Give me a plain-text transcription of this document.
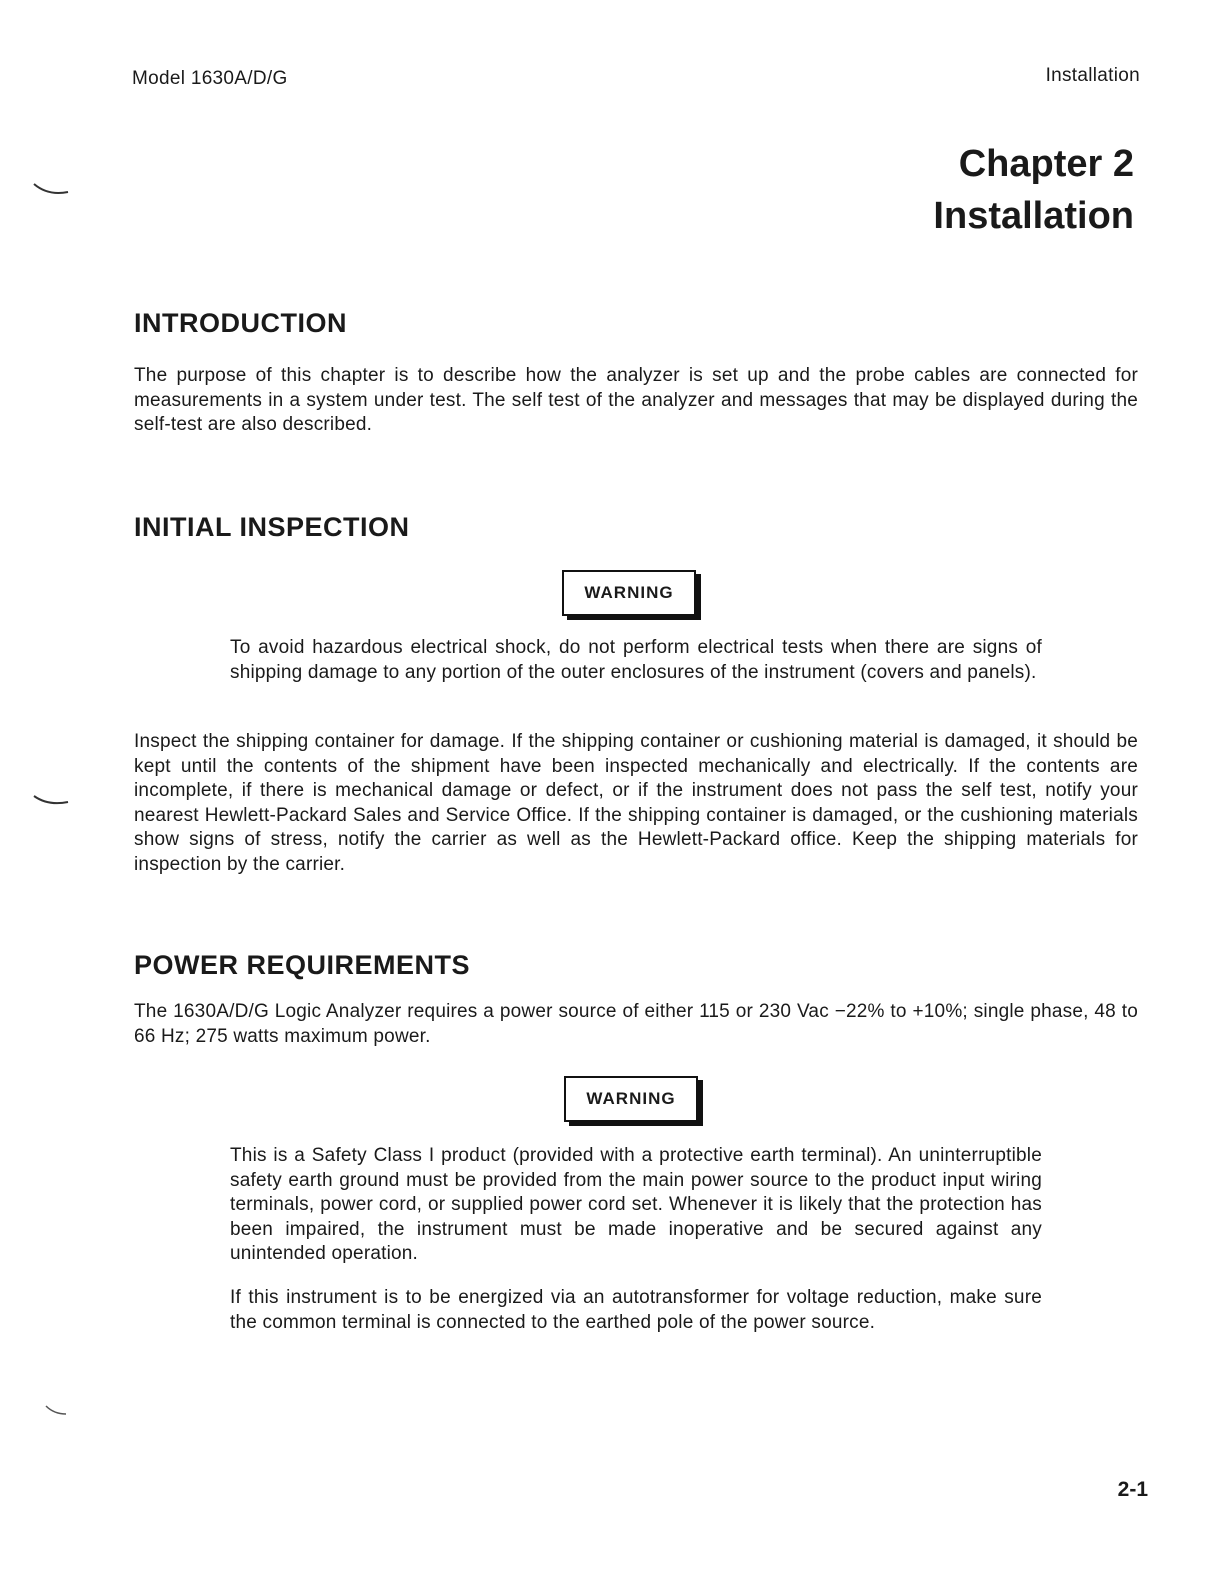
Model 1630A/D/G	Installation
Chapter 2
Installation
INTRODUCTION

The purpose of this chapter is to describe how the analyzer is set up and the probe cables are connected for measurements in a system under test. The self test of the analyzer and messages that may be displayed during the self-test are also described.

INITIAL INSPECTION
WARNING

To avoid hazardous electrical shock, do not perform electrical tests when there are signs of shipping damage to any portion of the outer enclosures of the instrument (covers and panels).

Inspect the shipping container for damage. If the shipping container or cushioning material is damaged, it should be kept until the contents of the shipment have been inspected mechanically and electrically. If the contents are incomplete, if there is mechanical damage or defect, or if the instrument does not pass the self test, notify your nearest Hewlett-Packard Sales and Service Office. If the shipping container is damaged, or the cushioning materials show signs of stress, notify the carrier as well as the Hewlett-Packard office. Keep the shipping materials for inspection by the carrier.

POWER REQUIREMENTS

The 1630A/D/G Logic Analyzer requires a power source of either 115 or 230 Vac −22% to +10%; single phase, 48 to 66 Hz; 275 watts maximum power.

WARNING

This is a Safety Class I product (provided with a protective earth terminal). An uninterruptible safety earth ground must be provided from the main power source to the product input wiring terminals, power cord, or supplied power cord set. Whenever it is likely that the protection has been impaired, the instrument must be made inoperative and be secured against any unintended operation.

If this instrument is to be energized via an autotransformer for voltage reduction, make sure the common terminal is connected to the earthed pole of the power source.

2-1
